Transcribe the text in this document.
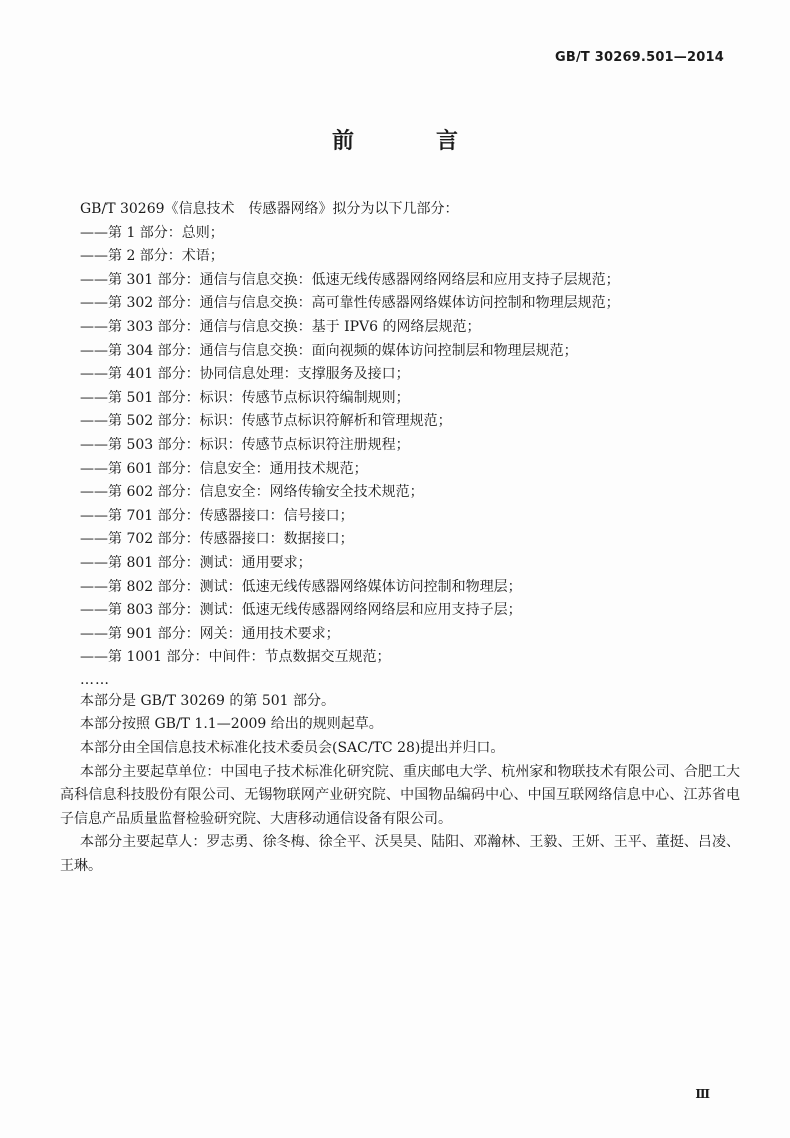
GB/T 30269.501—2014
前　言
GB/T 30269《信息技术　传感器网络》拟分为以下几部分：
——第 1 部分：总则；
——第 2 部分：术语；
——第 301 部分：通信与信息交换：低速无线传感器网络网络层和应用支持子层规范；
——第 302 部分：通信与信息交换：高可靠性传感器网络媒体访问控制和物理层规范；
——第 303 部分：通信与信息交换：基于 IPV6 的网络层规范；
——第 304 部分：通信与信息交换：面向视频的媒体访问控制层和物理层规范；
——第 401 部分：协同信息处理：支撑服务及接口；
——第 501 部分：标识：传感节点标识符编制规则；
——第 502 部分：标识：传感节点标识符解析和管理规范；
——第 503 部分：标识：传感节点标识符注册规程；
——第 601 部分：信息安全：通用技术规范；
——第 602 部分：信息安全：网络传输安全技术规范；
——第 701 部分：传感器接口：信号接口；
——第 702 部分：传感器接口：数据接口；
——第 801 部分：测试：通用要求；
——第 802 部分：测试：低速无线传感器网络媒体访问控制和物理层；
——第 803 部分：测试：低速无线传感器网络网络层和应用支持子层；
——第 901 部分：网关：通用技术要求；
——第 1001 部分：中间件：节点数据交互规范；
……
本部分是 GB/T 30269 的第 501 部分。
本部分按照 GB/T 1.1—2009 给出的规则起草。
本部分由全国信息技术标准化技术委员会(SAC/TC 28)提出并归口。
本部分主要起草单位：中国电子技术标准化研究院、重庆邮电大学、杭州家和物联技术有限公司、合肥工大高科信息科技股份有限公司、无锡物联网产业研究院、中国物品编码中心、中国互联网络信息中心、江苏省电子信息产品质量监督检验研究院、大唐移动通信设备有限公司。
本部分主要起草人：罗志勇、徐冬梅、徐全平、沃昊昊、陆阳、邓瀚林、王毅、王妍、王平、董挺、吕凌、王琳。
Ⅲ
